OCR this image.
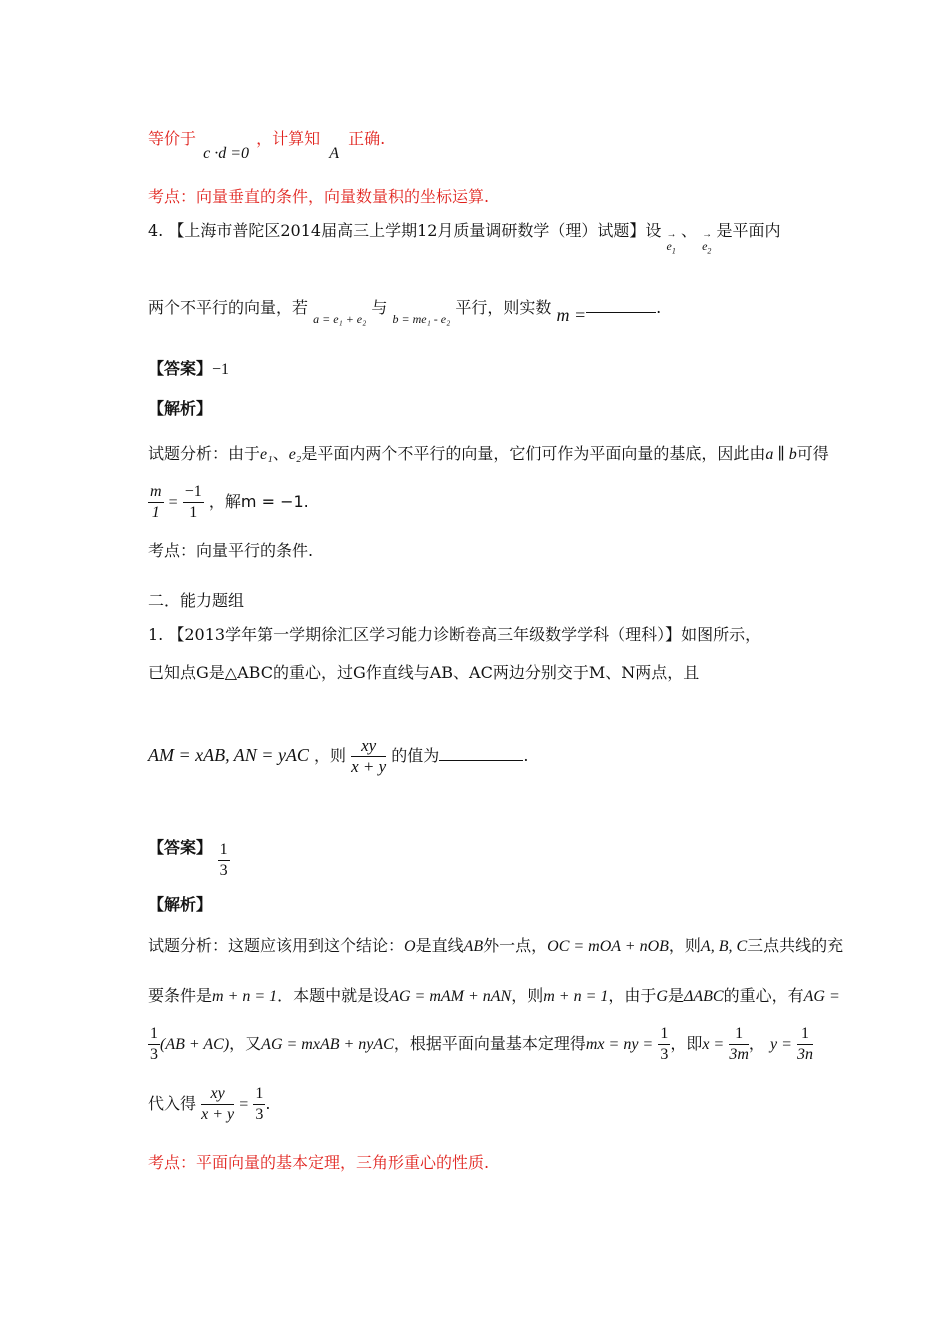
等价于 c ·d =0 ，计算知 A 正确.
考点：向量垂直的条件，向量数量积的坐标运算.
4. 【上海市普陀区2014届高三上学期12月质量调研数学（理）试题】设 → $e_1$ 、 → $e_2$ 是平面内
两个不平行的向量，若 $_{a = e_1 + e_2}$ 与 $_{b = me_1 - e_2}$ 平行，则实数 m =	.
【答案】−1
【解析】
试题分析：由于e₁、e₂是平面内两个不平行的向量，它们可作为平面向量的基底，因此由a ∥ b可得
$\frac{m}{1} = \frac{-1}{1}$ ，解m = −1.
考点：向量平行的条件.
二．能力题组
1. 【2013学年第一学期徐汇区学习能力诊断卷高三年级数学学科（理科）】如图所示，
已知点G是△ABC的重心，过G作直线与AB、AC两边分别交于M、N两点，且
AM = xAB, AN = yAC ，则 $\frac{xy}{x + y}$ 的值为	.
【答案】 $\frac{1}{3}$
【解析】
试题分析：这题应该用到这个结论：O是直线AB外一点，OC = mOA + nOB，则A, B, C三点共线的充
要条件是m + n = 1．本题中就是设AG = mAM + nAN，则m + n = 1，由于G是ΔABC的重心，有AG =
$\frac{1}{3} (AB + AC)$，又AG = mxAB + nyAC，根据平面向量基本定理得mx = ny = $\frac{1}{3}$ ，即$x = \frac{1}{3m}$ ， $y = \frac{1}{3n}$
代入得 $\frac{xy}{x + y} = \frac{1}{3}$ .
考点：平面向量的基本定理，三角形重心的性质.
